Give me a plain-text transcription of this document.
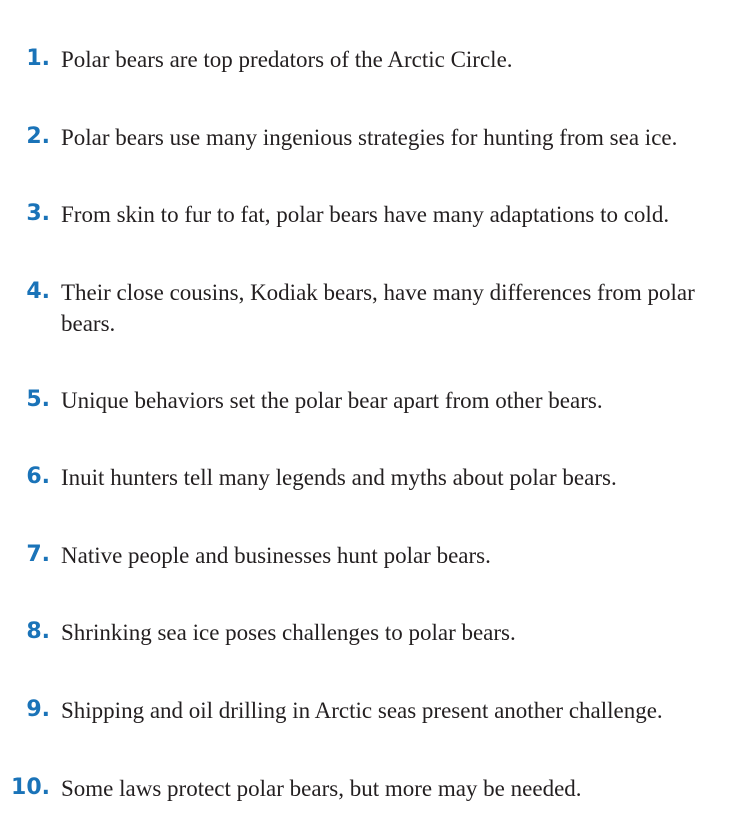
1. Polar bears are top predators of the Arctic Circle.
2. Polar bears use many ingenious strategies for hunting from sea ice.
3. From skin to fur to fat, polar bears have many adaptations to cold.
4. Their close cousins, Kodiak bears, have many differences from polar bears.
5. Unique behaviors set the polar bear apart from other bears.
6. Inuit hunters tell many legends and myths about polar bears.
7. Native people and businesses hunt polar bears.
8. Shrinking sea ice poses challenges to polar bears.
9. Shipping and oil drilling in Arctic seas present another challenge.
10. Some laws protect polar bears, but more may be needed.
